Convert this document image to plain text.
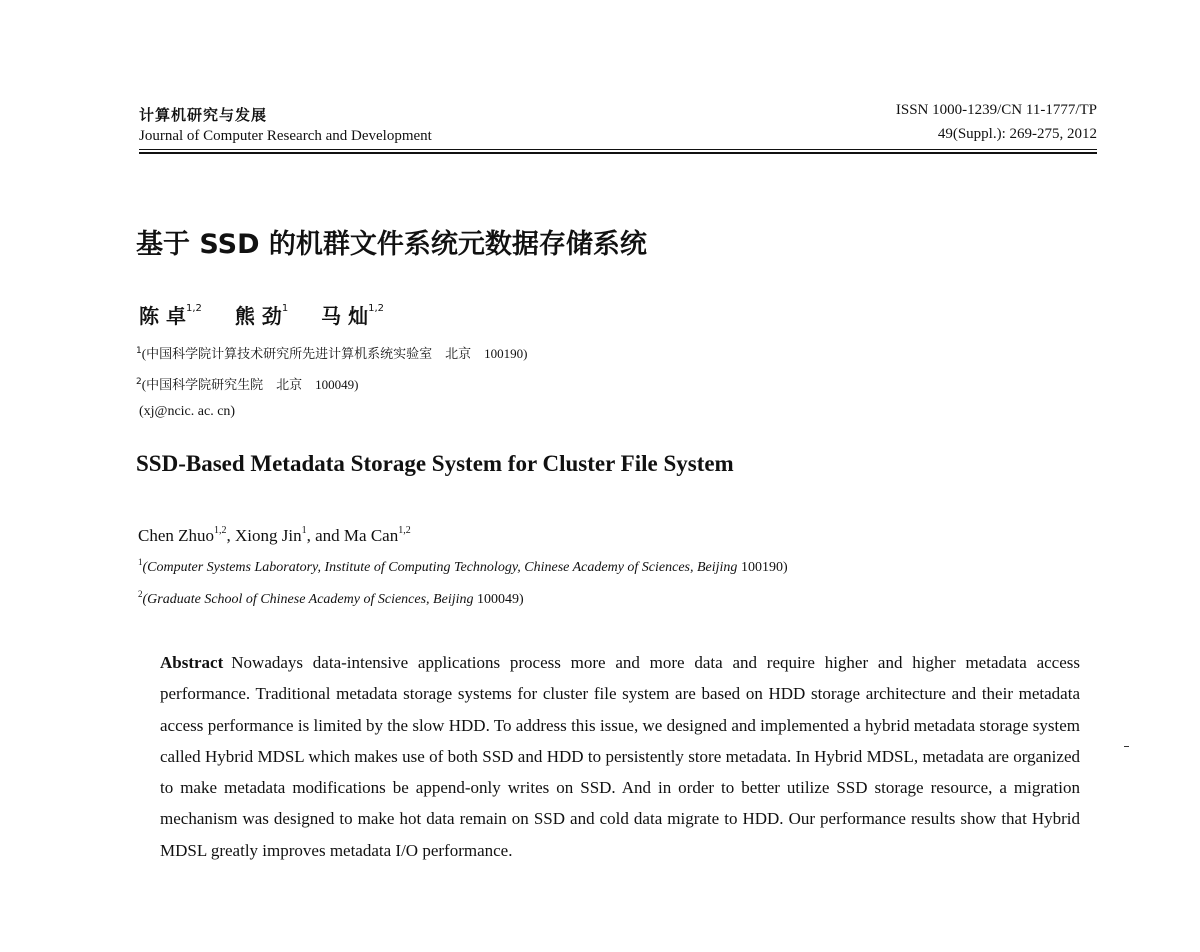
计算机研究与发展
Journal of Computer Research and Development
ISSN 1000-1239/CN 11-1777/TP
49(Suppl.): 269-275, 2012
基于 SSD 的机群文件系统元数据存储系统
陈 卓$^{1,2}$ 熊 劲$^1$ 马 灿$^{1,2}$
$^1$(中国科学院计算技术研究所先进计算机系统实验室　北京　100190)
$^2$(中国科学院研究生院　北京　100049)
(xj@ncic. ac. cn)
SSD-Based Metadata Storage System for Cluster File System
Chen Zhuo$^{1,2}$, Xiong Jin$^1$, and Ma Can$^{1,2}$
$^1$(Computer Systems Laboratory, Institute of Computing Technology, Chinese Academy of Sciences, Beijing 100190)
$^2$(Graduate School of Chinese Academy of Sciences, Beijing 100049)

Abstract Nowadays data-intensive applications process more and more data and require higher and higher metadata access performance. Traditional metadata storage systems for cluster file system are based on HDD storage architecture and their metadata access performance is limited by the slow HDD. To address this issue, we designed and implemented a hybrid metadata storage system called Hybrid MDSL which makes use of both SSD and HDD to persistently store metadata. In Hybrid MDSL, metadata are organized to make metadata modifications be append-only writes on SSD. And in order to better utilize SSD storage resource, a migration mechanism was designed to make hot data remain on SSD and cold data migrate to HDD. Our performance results show that Hybrid MDSL greatly improves metadata I/O performance.
